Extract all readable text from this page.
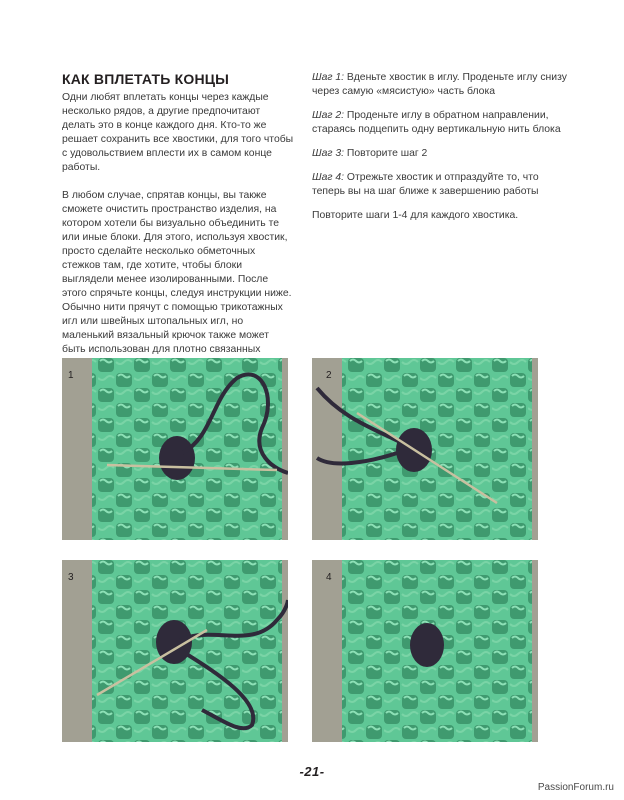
КАК ВПЛЕТАТЬ КОНЦЫ

Одни любят вплетать концы через каждые несколько рядов, а другие предпочитают делать это в конце каждого дня. Кто-то же решает сохранить все хвостики, для того чтобы с удовольствием вплести их в самом конце работы.

В любом случае, спрятав концы, вы также сможете очистить пространство изделия, на котором хотели бы визуально объединить те или иные блоки. Для этого, используя хвостик, просто сделайте несколько обметочных стежков там, где хотите, чтобы блоки выглядели менее изолированными. После этого спрячьте концы, следуя инструкции ниже. Обычно нити прячут с помощью трикотажных игл или швейных штопальных игл, но маленький вязальный крючок также может быть использован для плотно связанных

Шаг 1: Вденьте хвостик в иглу. Проденьте иглу снизу через самую «мясистую» часть блока

Шаг 2: Проденьте иглу в обратном направлении, стараясь подцепить одну вертикальную нить блока

Шаг 3: Повторите шаг 2

Шаг 4: Отрежьте хвостик и отпраздуйте то, что теперь вы на шаг ближе к завершению работы

Повторите шаги 1-4 для каждого хвостика.

1	2
3	4
-21-
PassionForum.ru
